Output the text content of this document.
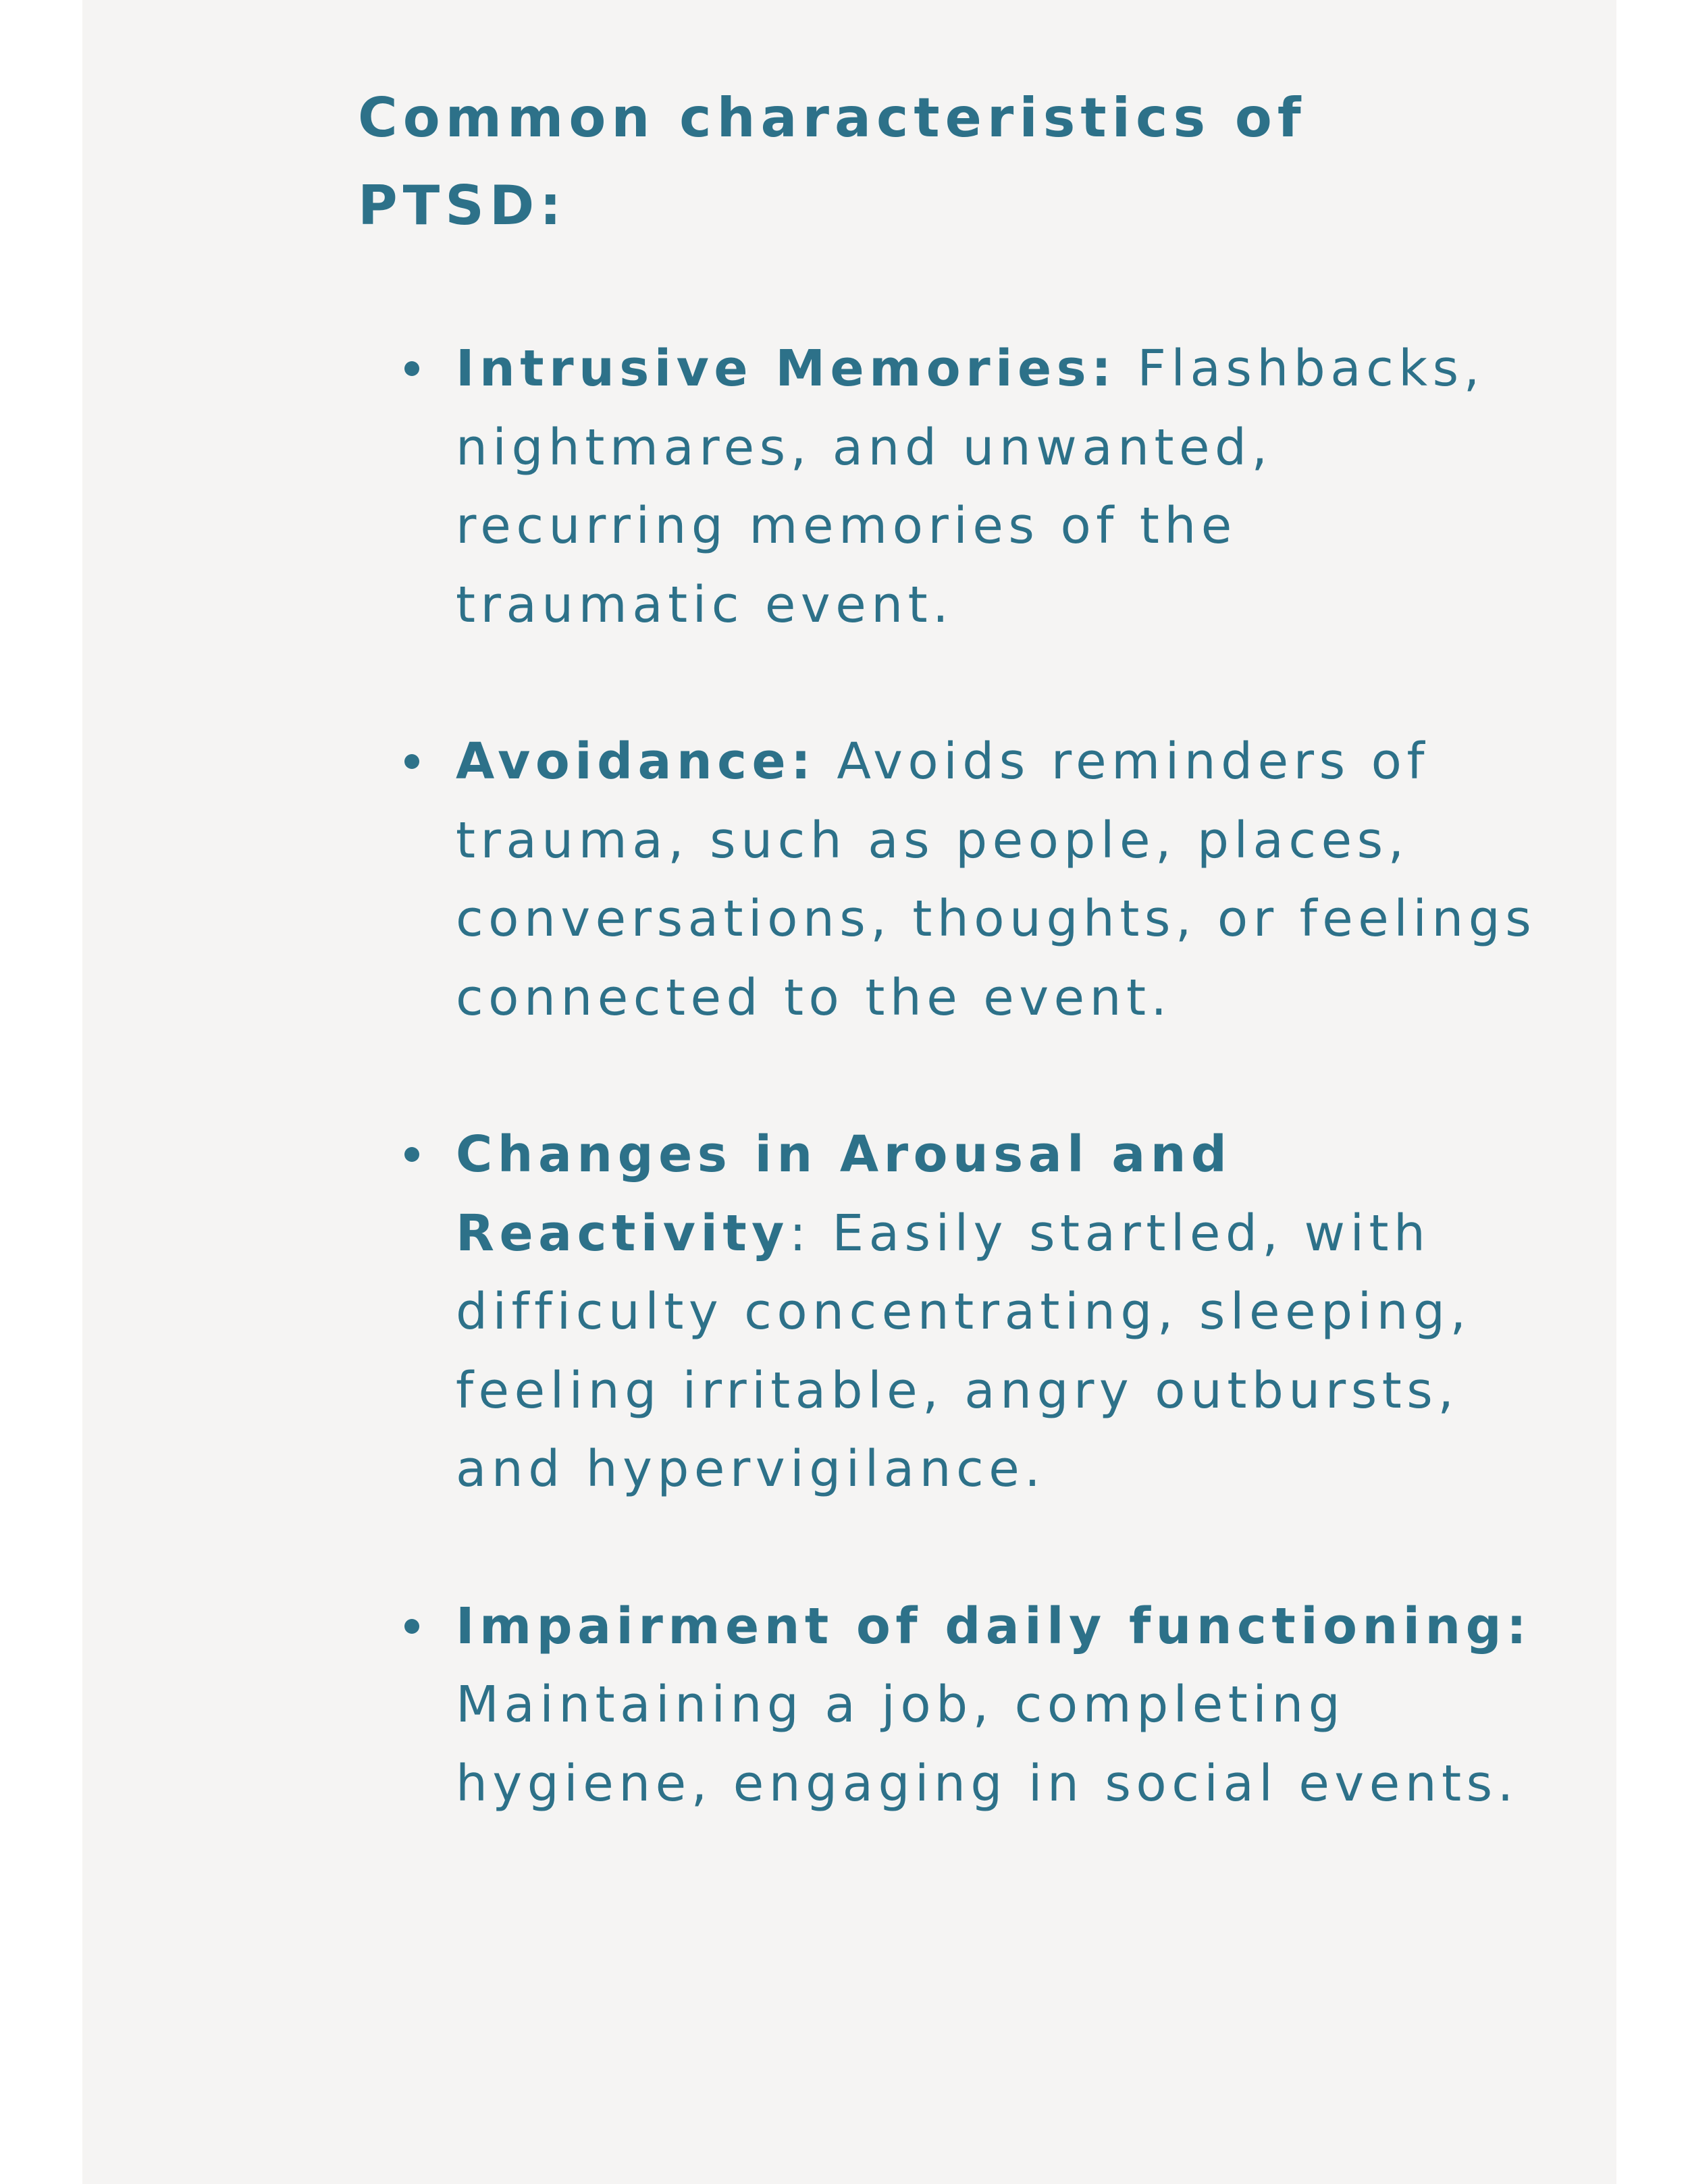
Common characteristics of PTSD:
Intrusive Memories: Flashbacks, nightmares, and unwanted, recurring memories of the traumatic event.
Avoidance: Avoids reminders of trauma, such as people, places, conversations, thoughts, or feelings connected to the event.
Changes in Arousal and Reactivity: Easily startled, with difficulty concentrating, sleeping, feeling irritable, angry outbursts, and hypervigilance.
Impairment of daily functioning: Maintaining a job, completing hygiene, engaging in social events.
